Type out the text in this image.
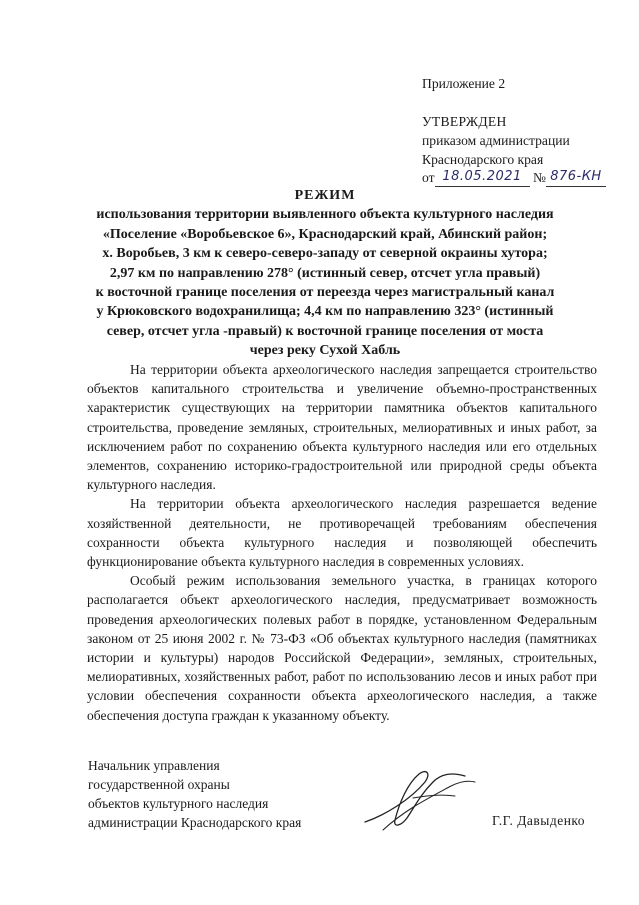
Приложение 2
УТВЕРЖДЕН
приказом администрации
Краснодарского края
от 18.05.2021 № 876-КН
РЕЖИМ
использования территории выявленного объекта культурного наследия
«Поселение «Воробьевское 6», Краснодарский край, Абинский район;
х. Воробьев, 3 км к северо-северо-западу от северной окраины хутора;
2,97 км по направлению 278° (истинный север, отсчет угла правый)
к восточной границе поселения от переезда через магистральный канал
у Крюковского водохранилища; 4,4 км по направлению 323° (истинный
север, отсчет угла -правый) к восточной границе поселения от моста
через реку Сухой Хабль

На территории объекта археологического наследия запрещается строительство объектов капитального строительства и увеличение объемно-пространственных характеристик существующих на территории памятника объектов капитального строительства, проведение земляных, строительных, мелиоративных и иных работ, за исключением работ по сохранению объекта культурного наследия или его отдельных элементов, сохранению историко-градостроительной или природной среды объекта культурного наследия.

На территории объекта археологического наследия разрешается ведение хозяйственной деятельности, не противоречащей требованиям обеспечения сохранности объекта культурного наследия и позволяющей обеспечить функционирование объекта культурного наследия в современных условиях.

Особый режим использования земельного участка, в границах которого располагается объект археологического наследия, предусматривает возможность проведения археологических полевых работ в порядке, установленном Федеральным законом от 25 июня 2002 г. № 73-ФЗ «Об объектах культурного наследия (памятниках истории и культуры) народов Российской Федерации», земляных, строительных, мелиоративных, хозяйственных работ, работ по использованию лесов и иных работ при условии обеспечения сохранности объекта археологического наследия, а также обеспечения доступа граждан к указанному объекту.

Начальник управления
государственной охраны
объектов культурного наследия
администрации Краснодарского края	Г.Г. Давыденко
